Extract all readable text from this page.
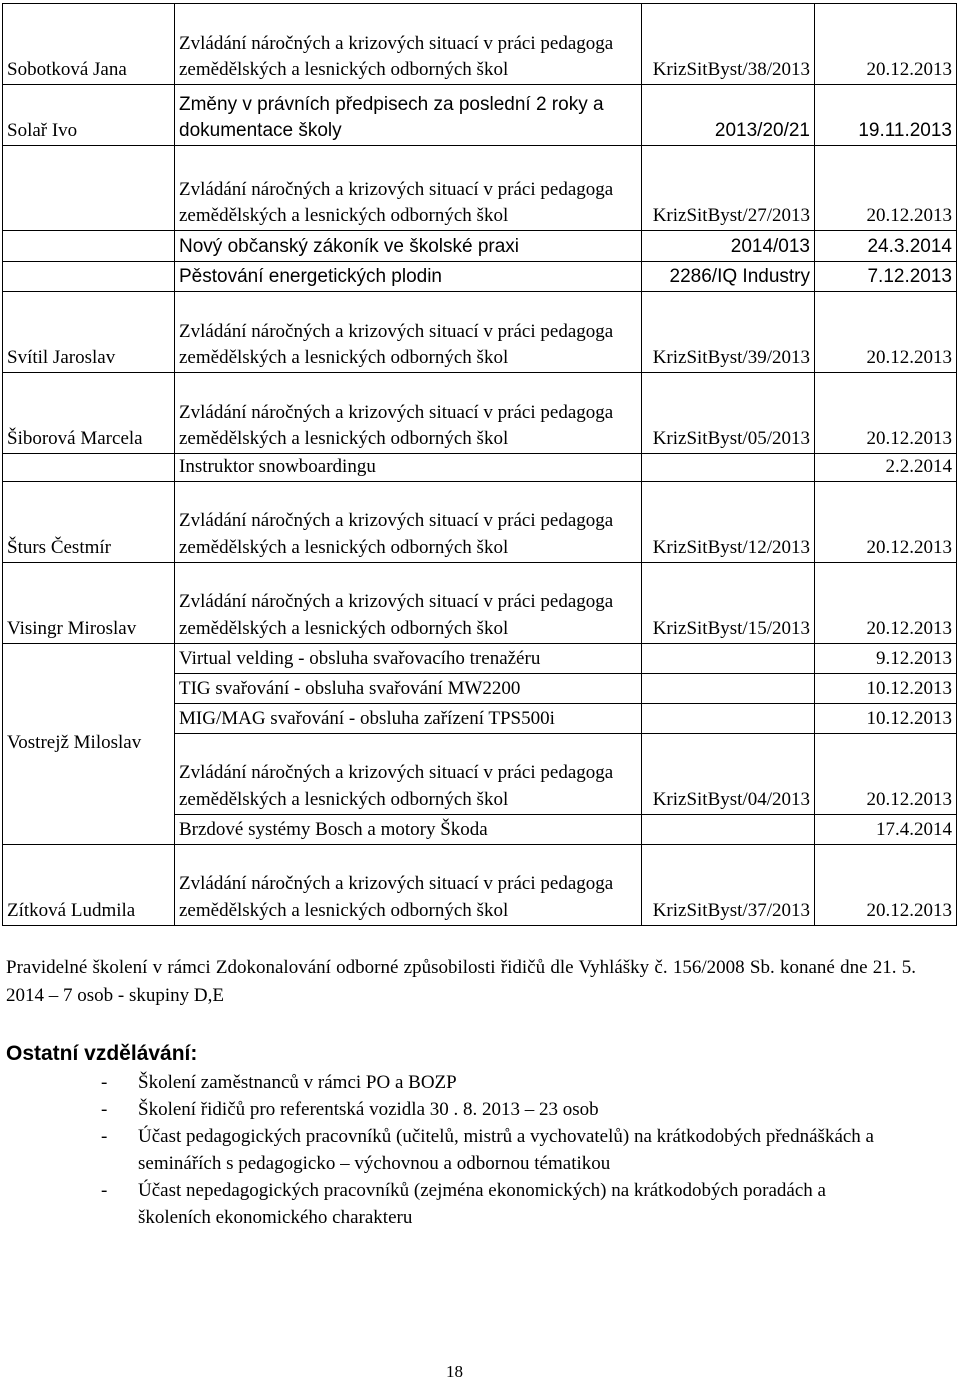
Sobotková Jana	Zvládání náročných a krizových situací v práci pedagoga zemědělských a lesnických odborných škol	KrizSitByst/38/2013	20.12.2013
Solař Ivo	Změny v právních předpisech za poslední 2 roky a dokumentace školy	2013/20/21	19.11.2013
	Zvládání náročných a krizových situací v práci pedagoga zemědělských a lesnických odborných škol	KrizSitByst/27/2013	20.12.2013
	Nový občanský zákoník ve školské praxi	2014/013	24.3.2014
	Pěstování energetických plodin	2286/IQ Industry	7.12.2013
Svítil Jaroslav	Zvládání náročných a krizových situací v práci pedagoga zemědělských a lesnických odborných škol	KrizSitByst/39/2013	20.12.2013
Šiborová Marcela	Zvládání náročných a krizových situací v práci pedagoga zemědělských a lesnických odborných škol	KrizSitByst/05/2013	20.12.2013
	Instruktor snowboardingu		2.2.2014
Šturs Čestmír	Zvládání náročných a krizových situací v práci pedagoga zemědělských a lesnických odborných škol	KrizSitByst/12/2013	20.12.2013
Visingr Miroslav	Zvládání náročných a krizových situací v práci pedagoga zemědělských a lesnických odborných škol	KrizSitByst/15/2013	20.12.2013
Vostrejž Miloslav	Virtual velding - obsluha svařovacího trenažéru		9.12.2013
	TIG svařování - obsluha svařování MW2200		10.12.2013
	MIG/MAG svařování - obsluha zařízení TPS500i		10.12.2013
	Zvládání náročných a krizových situací v práci pedagoga zemědělských a lesnických odborných škol	KrizSitByst/04/2013	20.12.2013
	Brzdové systémy Bosch a motory Škoda		17.4.2014
Zítková Ludmila	Zvládání náročných a krizových situací v práci pedagoga zemědělských a lesnických odborných škol	KrizSitByst/37/2013	20.12.2013

Pravidelné školení v rámci Zdokonalování odborné způsobilosti řidičů dle Vyhlášky č. 156/2008 Sb. konané dne 21. 5. 2014 – 7 osob - skupiny D,E

Ostatní vzdělávání:
- Školení zaměstnanců v rámci PO a BOZP
- Školení řidičů pro referentská vozidla 30 . 8. 2013 – 23 osob
- Účast pedagogických pracovníků (učitelů, mistrů a vychovatelů) na krátkodobých přednáškách a seminářích s pedagogicko – výchovnou a odbornou tématikou
- Účast nepedagogických pracovníků (zejména ekonomických) na krátkodobých poradách a školeních ekonomického charakteru
18
